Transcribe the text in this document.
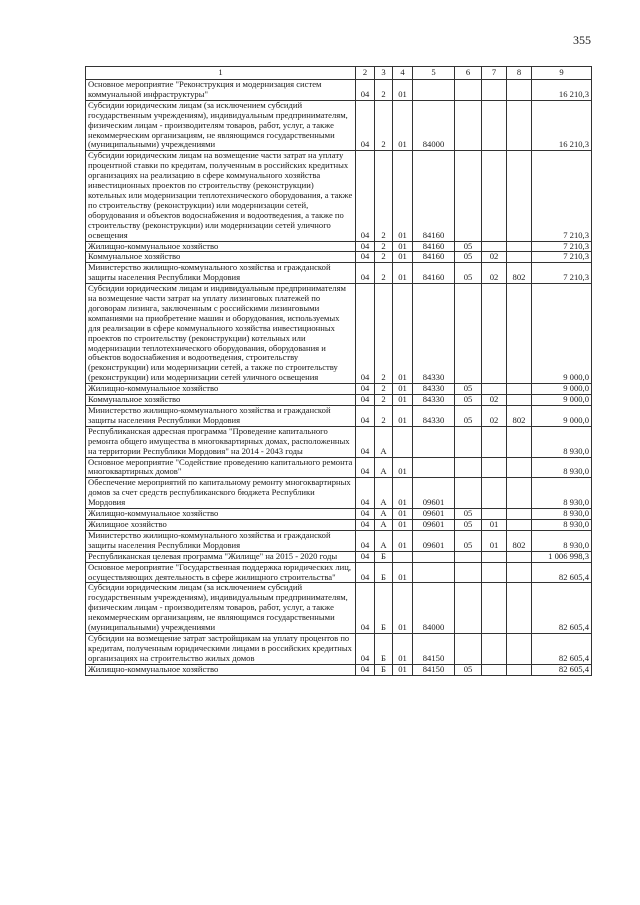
355
1	2	3	4	5	6	7	8	9
Основное мероприятие "Реконструкция и модернизация систем коммунальной инфраструктуры"	04	2	01					16 210,3
Субсидии юридическим лицам (за исключением субсидий государственным учреждениям), индивидуальным предпринимателям, физическим лицам - производителям товаров, работ, услуг, а также некоммерческим организациям, не являющимся государственными (муниципальными) учреждениями	04	2	01	84000				16 210,3
Субсидии юридическим лицам на возмещение части затрат на уплату процентной ставки по кредитам, полученным в российских кредитных организациях на реализацию в сфере коммунального хозяйства инвестиционных проектов по строительству (реконструкции) котельных или модернизации теплотехнического оборудования, а также по строительству (реконструкции) или модернизации сетей, оборудования и объектов водоснабжения и водоотведения, а также по строительству (реконструкции) или модернизации сетей уличного освещения	04	2	01	84160				7 210,3
Жилищно-коммунальное хозяйство	04	2	01	84160	05			7 210,3
Коммунальное хозяйство	04	2	01	84160	05	02		7 210,3
Министерство жилищно-коммунального хозяйства и гражданской защиты населения Республики Мордовия	04	2	01	84160	05	02	802	7 210,3
Субсидии юридическим лицам и индивидуальным предпринимателям на возмещение части затрат на уплату лизинговых платежей по договорам лизинга, заключенным с российскими лизинговыми компаниями на приобретение машин и оборудования, используемых для реализации в сфере коммунального хозяйства инвестиционных проектов по строительству (реконструкции) котельных или модернизации теплотехнического оборудования, оборудования и объектов водоснабжения и водоотведения, строительству (реконструкции) или модернизации сетей, а также по строительству (реконструкции) или модернизации сетей уличного освещения	04	2	01	84330				9 000,0
Жилищно-коммунальное хозяйство	04	2	01	84330	05			9 000,0
Коммунальное хозяйство	04	2	01	84330	05	02		9 000,0
Министерство жилищно-коммунального хозяйства и гражданской защиты населения Республики Мордовия	04	2	01	84330	05	02	802	9 000,0
Республиканская адресная программа "Проведение капитального ремонта общего имущества в многоквартирных домах, расположенных на территории Республики Мордовия" на 2014 - 2043 годы	04	А						8 930,0
Основное мероприятие "Содействие проведению капитального ремонта многоквартирных домов"	04	А	01					8 930,0
Обеспечение мероприятий по капитальному ремонту многоквартирных домов за счет средств республиканского бюджета Республики Мордовия	04	А	01	09601				8 930,0
Жилищно-коммунальное хозяйство	04	А	01	09601	05			8 930,0
Жилищное хозяйство	04	А	01	09601	05	01		8 930,0
Министерство жилищно-коммунального хозяйства и гражданской защиты населения Республики Мордовия	04	А	01	09601	05	01	802	8 930,0
Республиканская целевая программа "Жилище" на 2015 - 2020 годы	04	Б						1 006 998,3
Основное мероприятие "Государственная поддержка юридических лиц, осуществляющих деятельность в сфере жилищного строительства"	04	Б	01					82 605,4
Субсидии юридическим лицам (за исключением субсидий государственным учреждениям), индивидуальным предпринимателям, физическим лицам - производителям товаров, работ, услуг, а также некоммерческим организациям, не являющимся государственными (муниципальными) учреждениями	04	Б	01	84000				82 605,4
Субсидии на возмещение затрат застройщикам на уплату процентов по кредитам, полученным юридическими лицами в российских кредитных организациях на строительство жилых домов	04	Б	01	84150				82 605,4
Жилищно-коммунальное хозяйство	04	Б	01	84150	05			82 605,4
